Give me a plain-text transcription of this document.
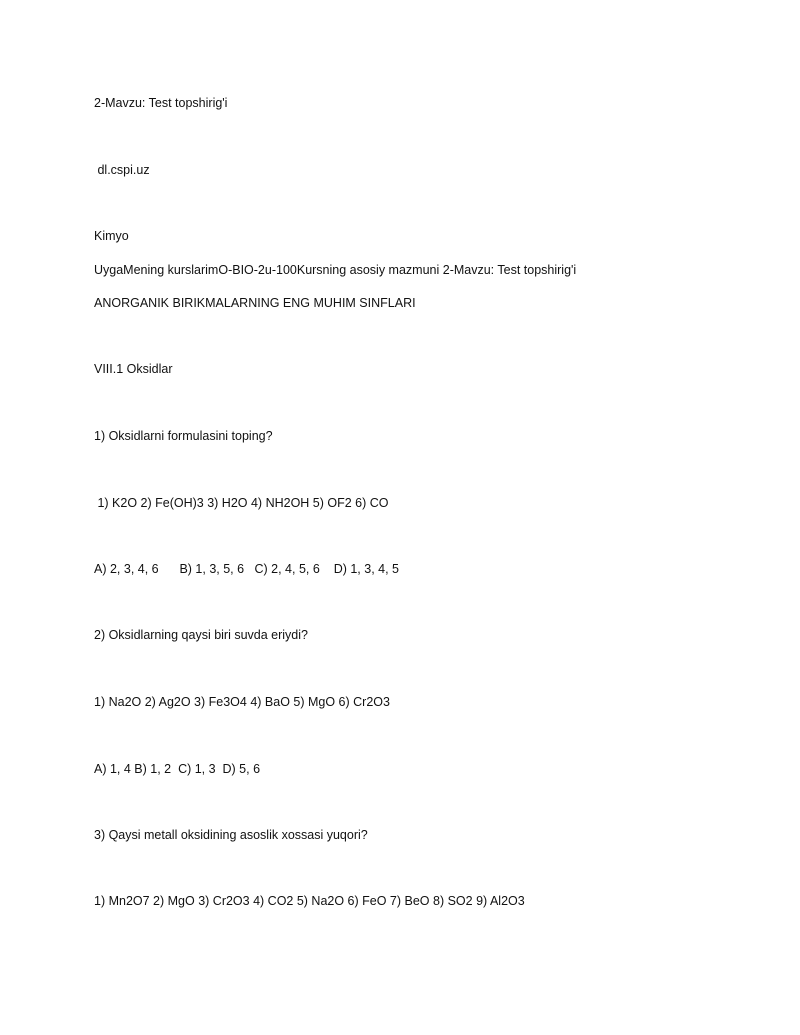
2-Mavzu: Test topshirig'i
dl.cspi.uz
Kimyo
UygaMening kurslarimO-BIO-2u-100Kursning asosiy mazmuni 2-Mavzu: Test topshirig'i
ANORGANIK BIRIKMALARNING ENG MUHIM SINFLARI
VIII.1 Oksidlar
1) Oksidlarni formulasini toping?
1) K2O 2) Fe(OH)3 3) H2O 4) NH2OH 5) OF2 6) CO
A) 2, 3, 4, 6      B) 1, 3, 5, 6   C) 2, 4, 5, 6    D) 1, 3, 4, 5
2) Oksidlarning qaysi biri suvda eriydi?
1) Na2O 2) Ag2O 3) Fe3O4 4) BaO 5) MgO 6) Cr2O3
A) 1, 4 B) 1, 2  C) 1, 3  D) 5, 6
3) Qaysi metall oksidining asoslik xossasi yuqori?
1) Mn2O7 2) MgO 3) Cr2O3 4) CO2 5) Na2O 6) FeO 7) BeO 8) SO2 9) Al2O3
